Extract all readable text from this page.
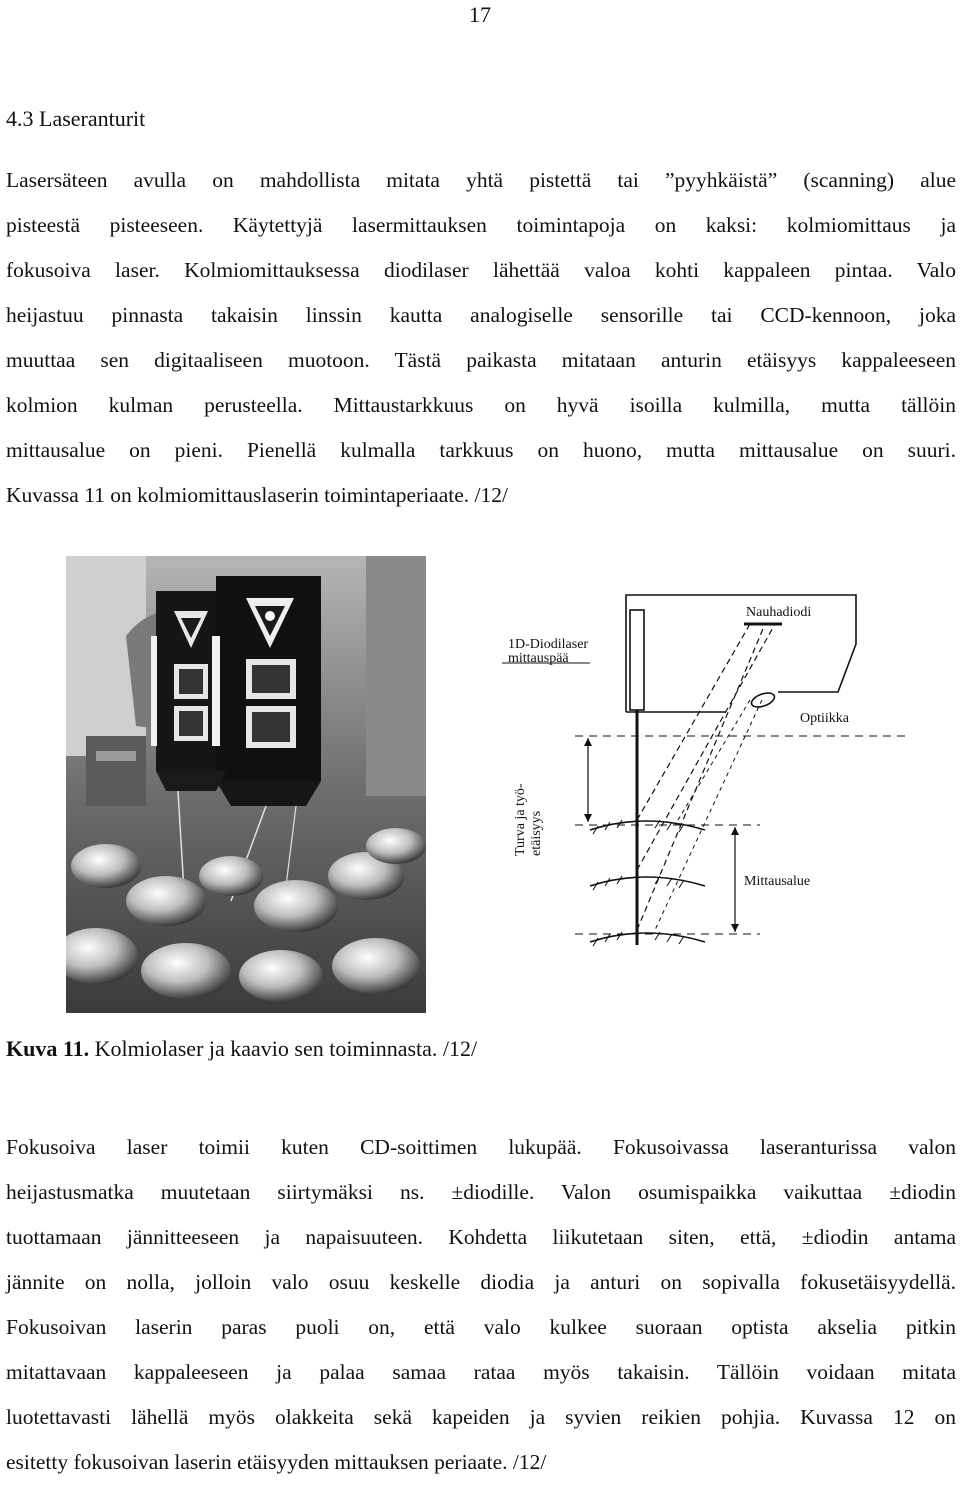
17
4.3 Laseranturit

Lasersäteen avulla on mahdollista mitata yhtä pistettä tai ”pyyhkäistä” (scanning) alue
pisteestä pisteeseen. Käytettyjä lasermittauksen toimintapoja on kaksi: kolmiomittaus ja
fokusoiva laser. Kolmiomittauksessa diodilaser lähettää valoa kohti kappaleen pintaa. Valo
heijastuu pinnasta takaisin linssin kautta analogiselle sensorille tai CCD-kennoon, joka
muuttaa sen digitaaliseen muotoon. Tästä paikasta mitataan anturin etäisyys kappaleeseen
kolmion kulman perusteella. Mittaustarkkuus on hyvä isoilla kulmilla, mutta tällöin
mittausalue on pieni. Pienellä kulmalla tarkkuus on huono, mutta mittausalue on suuri.
Kuvassa 11 on kolmiomittauslaserin toimintaperiaate. /12/

Nauhadiodi
1D-Diodilaser
mittauspää
Optiikka
Mittausalue
Turva ja työ- etäisyys
Kuva 11. Kolmiolaser ja kaavio sen toiminnasta. /12/

Fokusoiva laser toimii kuten CD-soittimen lukupää. Fokusoivassa laseranturissa valon
heijastusmatka muutetaan siirtymäksi ns. ±diodille. Valon osumispaikka vaikuttaa ±diodin
tuottamaan jännitteeseen ja napaisuuteen. Kohdetta liikutetaan siten, että, ±diodin antama
jännite on nolla, jolloin valo osuu keskelle diodia ja anturi on sopivalla fokusetäisyydellä.
Fokusoivan laserin paras puoli on, että valo kulkee suoraan optista akselia pitkin
mitattavaan kappaleeseen ja palaa samaa rataa myös takaisin. Tällöin voidaan mitata
luotettavasti lähellä myös olakkeita sekä kapeiden ja syvien reikien pohjia. Kuvassa 12 on
esitetty fokusoivan laserin etäisyyden mittauksen periaate. /12/
